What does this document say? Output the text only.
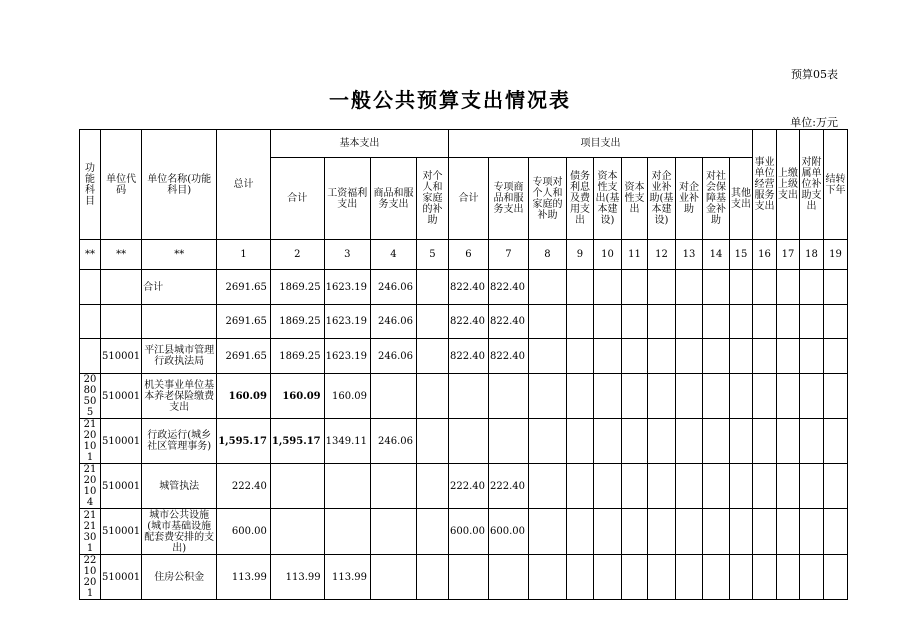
预算05表
一般公共预算支出情况表
单位:万元
功能科目	单位代码	单位名称(功能科目)	总计	基本支出				项目支出										事业单位经营服务支出	上缴上级支出	对附属单位补助支出	结转下年
				合计	工资福利支出	商品和服务支出	对个人和家庭的补助	合计	专项商品和服务支出	专项对个人和家庭的补助	债务利息及费用支出	资本性支出(基本建设)	资本性支出	对企业补助(基本建设)	对企业补助	对社会保障基金补助	其他支出				
**	**	**	1	2	3	4	5	6	7	8	9	10	11	12	13	14	15	16	17	18	19
		合计	2691.65	1869.25	1623.19	246.06		822.40	822.40												
			2691.65	1869.25	1623.19	246.06		822.40	822.40												
	510001	平江县城市管理行政执法局	2691.65	1869.25	1623.19	246.06		822.40	822.40												
2080505	510001	机关事业单位基本养老保险缴费支出	160.09	160.09	160.09																
2120101	510001	行政运行(城乡社区管理事务)	1,595.17	1,595.17	1349.11	246.06															
2120104	510001	城管执法	222.40					222.40	222.40												
2121301	510001	城市公共设施(城市基础设施配套费安排的支出)	600.00					600.00	600.00												
2210201	510001	住房公积金	113.99	113.99	113.99																
